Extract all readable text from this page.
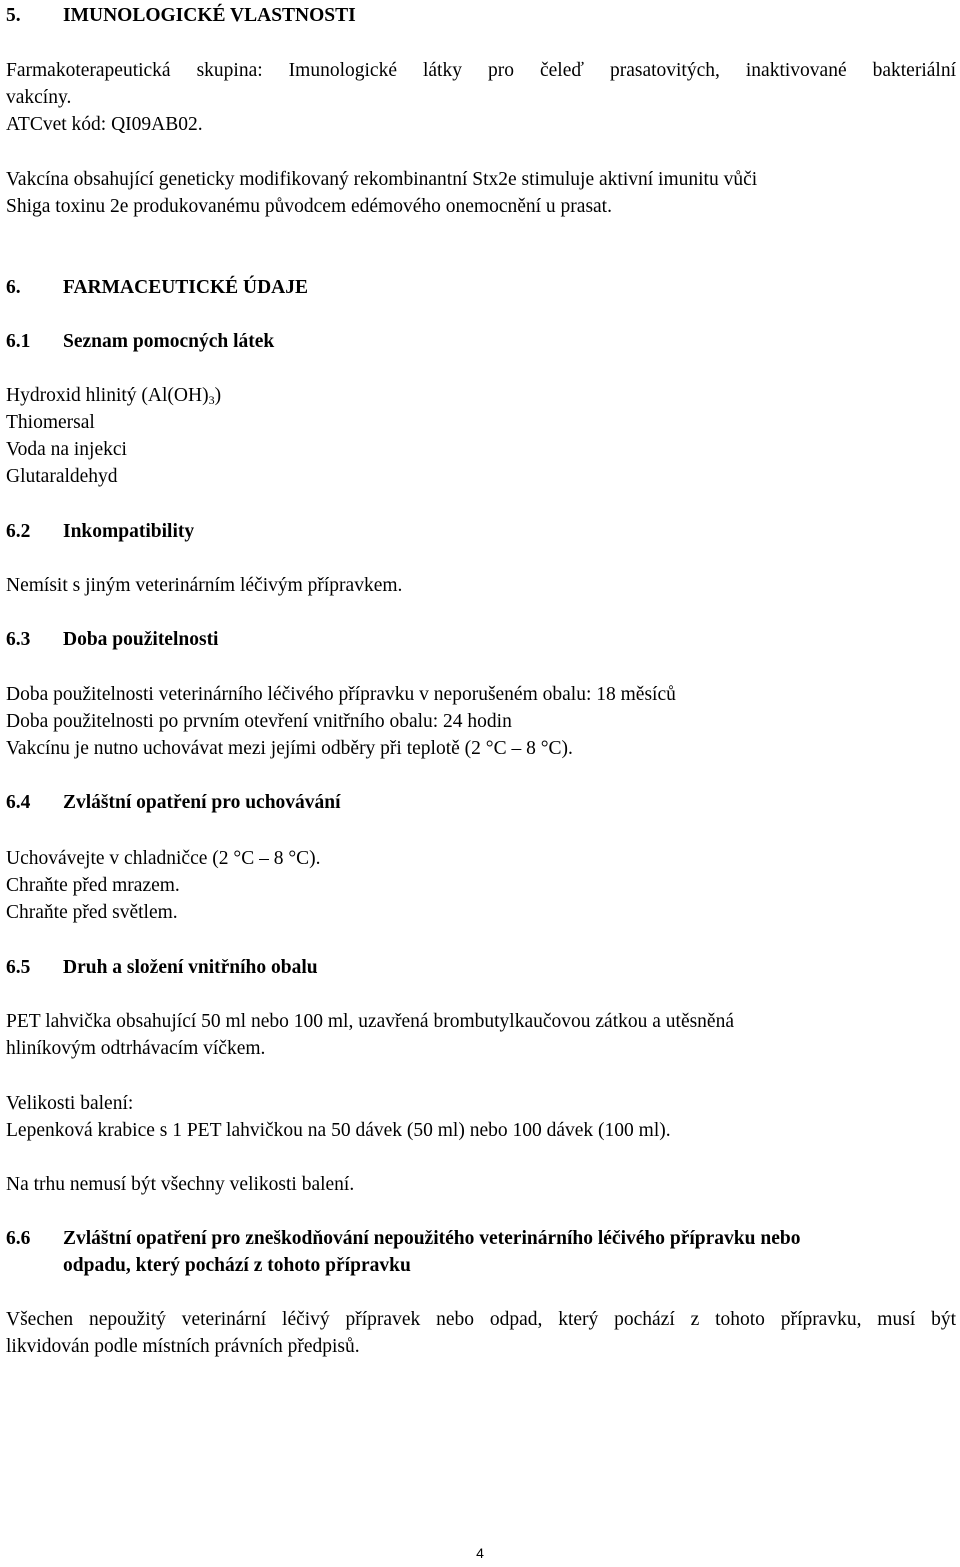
5. IMUNOLOGICKÉ VLASTNOSTI
Farmakoterapeutická skupina: Imunologické látky pro čeleď prasatovitých, inaktivované bakteriální
vakcíny.
ATCvet kód: QI09AB02.
Vakcína obsahující geneticky modifikovaný rekombinantní Stx2e stimuluje aktivní imunitu vůči
Shiga toxinu 2e produkovanému původcem edémového onemocnění u prasat.
6. FARMACEUTICKÉ ÚDAJE
6.1 Seznam pomocných látek
Hydroxid hlinitý $(Al(OH)_3)$
Thiomersal
Voda na injekci
Glutaraldehyd
6.2 Inkompatibility
Nemísit s jiným veterinárním léčivým přípravkem.
6.3 Doba použitelnosti
Doba použitelnosti veterinárního léčivého přípravku v neporušeném obalu: 18 měsíců
Doba použitelnosti po prvním otevření vnitřního obalu: 24 hodin
Vakcínu je nutno uchovávat mezi jejími odběry při teplotě (2 °C – 8 °C).
6.4 Zvláštní opatření pro uchovávání
Uchovávejte v chladničce (2 °C – 8 °C).
Chraňte před mrazem.
Chraňte před světlem.
6.5 Druh a složení vnitřního obalu
PET lahvička obsahující 50 ml nebo 100 ml, uzavřená brombutylkaučovou zátkou a utěsněná
hliníkovým odtrhávacím víčkem.
Velikosti balení:
Lepenková krabice s 1 PET lahvičkou na 50 dávek (50 ml) nebo 100 dávek (100 ml).
Na trhu nemusí být všechny velikosti balení.
6.6 Zvláštní opatření pro zneškodňování nepoužitého veterinárního léčivého přípravku nebo
odpadu, který pochází z tohoto přípravku
Všechen nepoužitý veterinární léčivý přípravek nebo odpad, který pochází z tohoto přípravku, musí být
likvidován podle místních právních předpisů.
4
